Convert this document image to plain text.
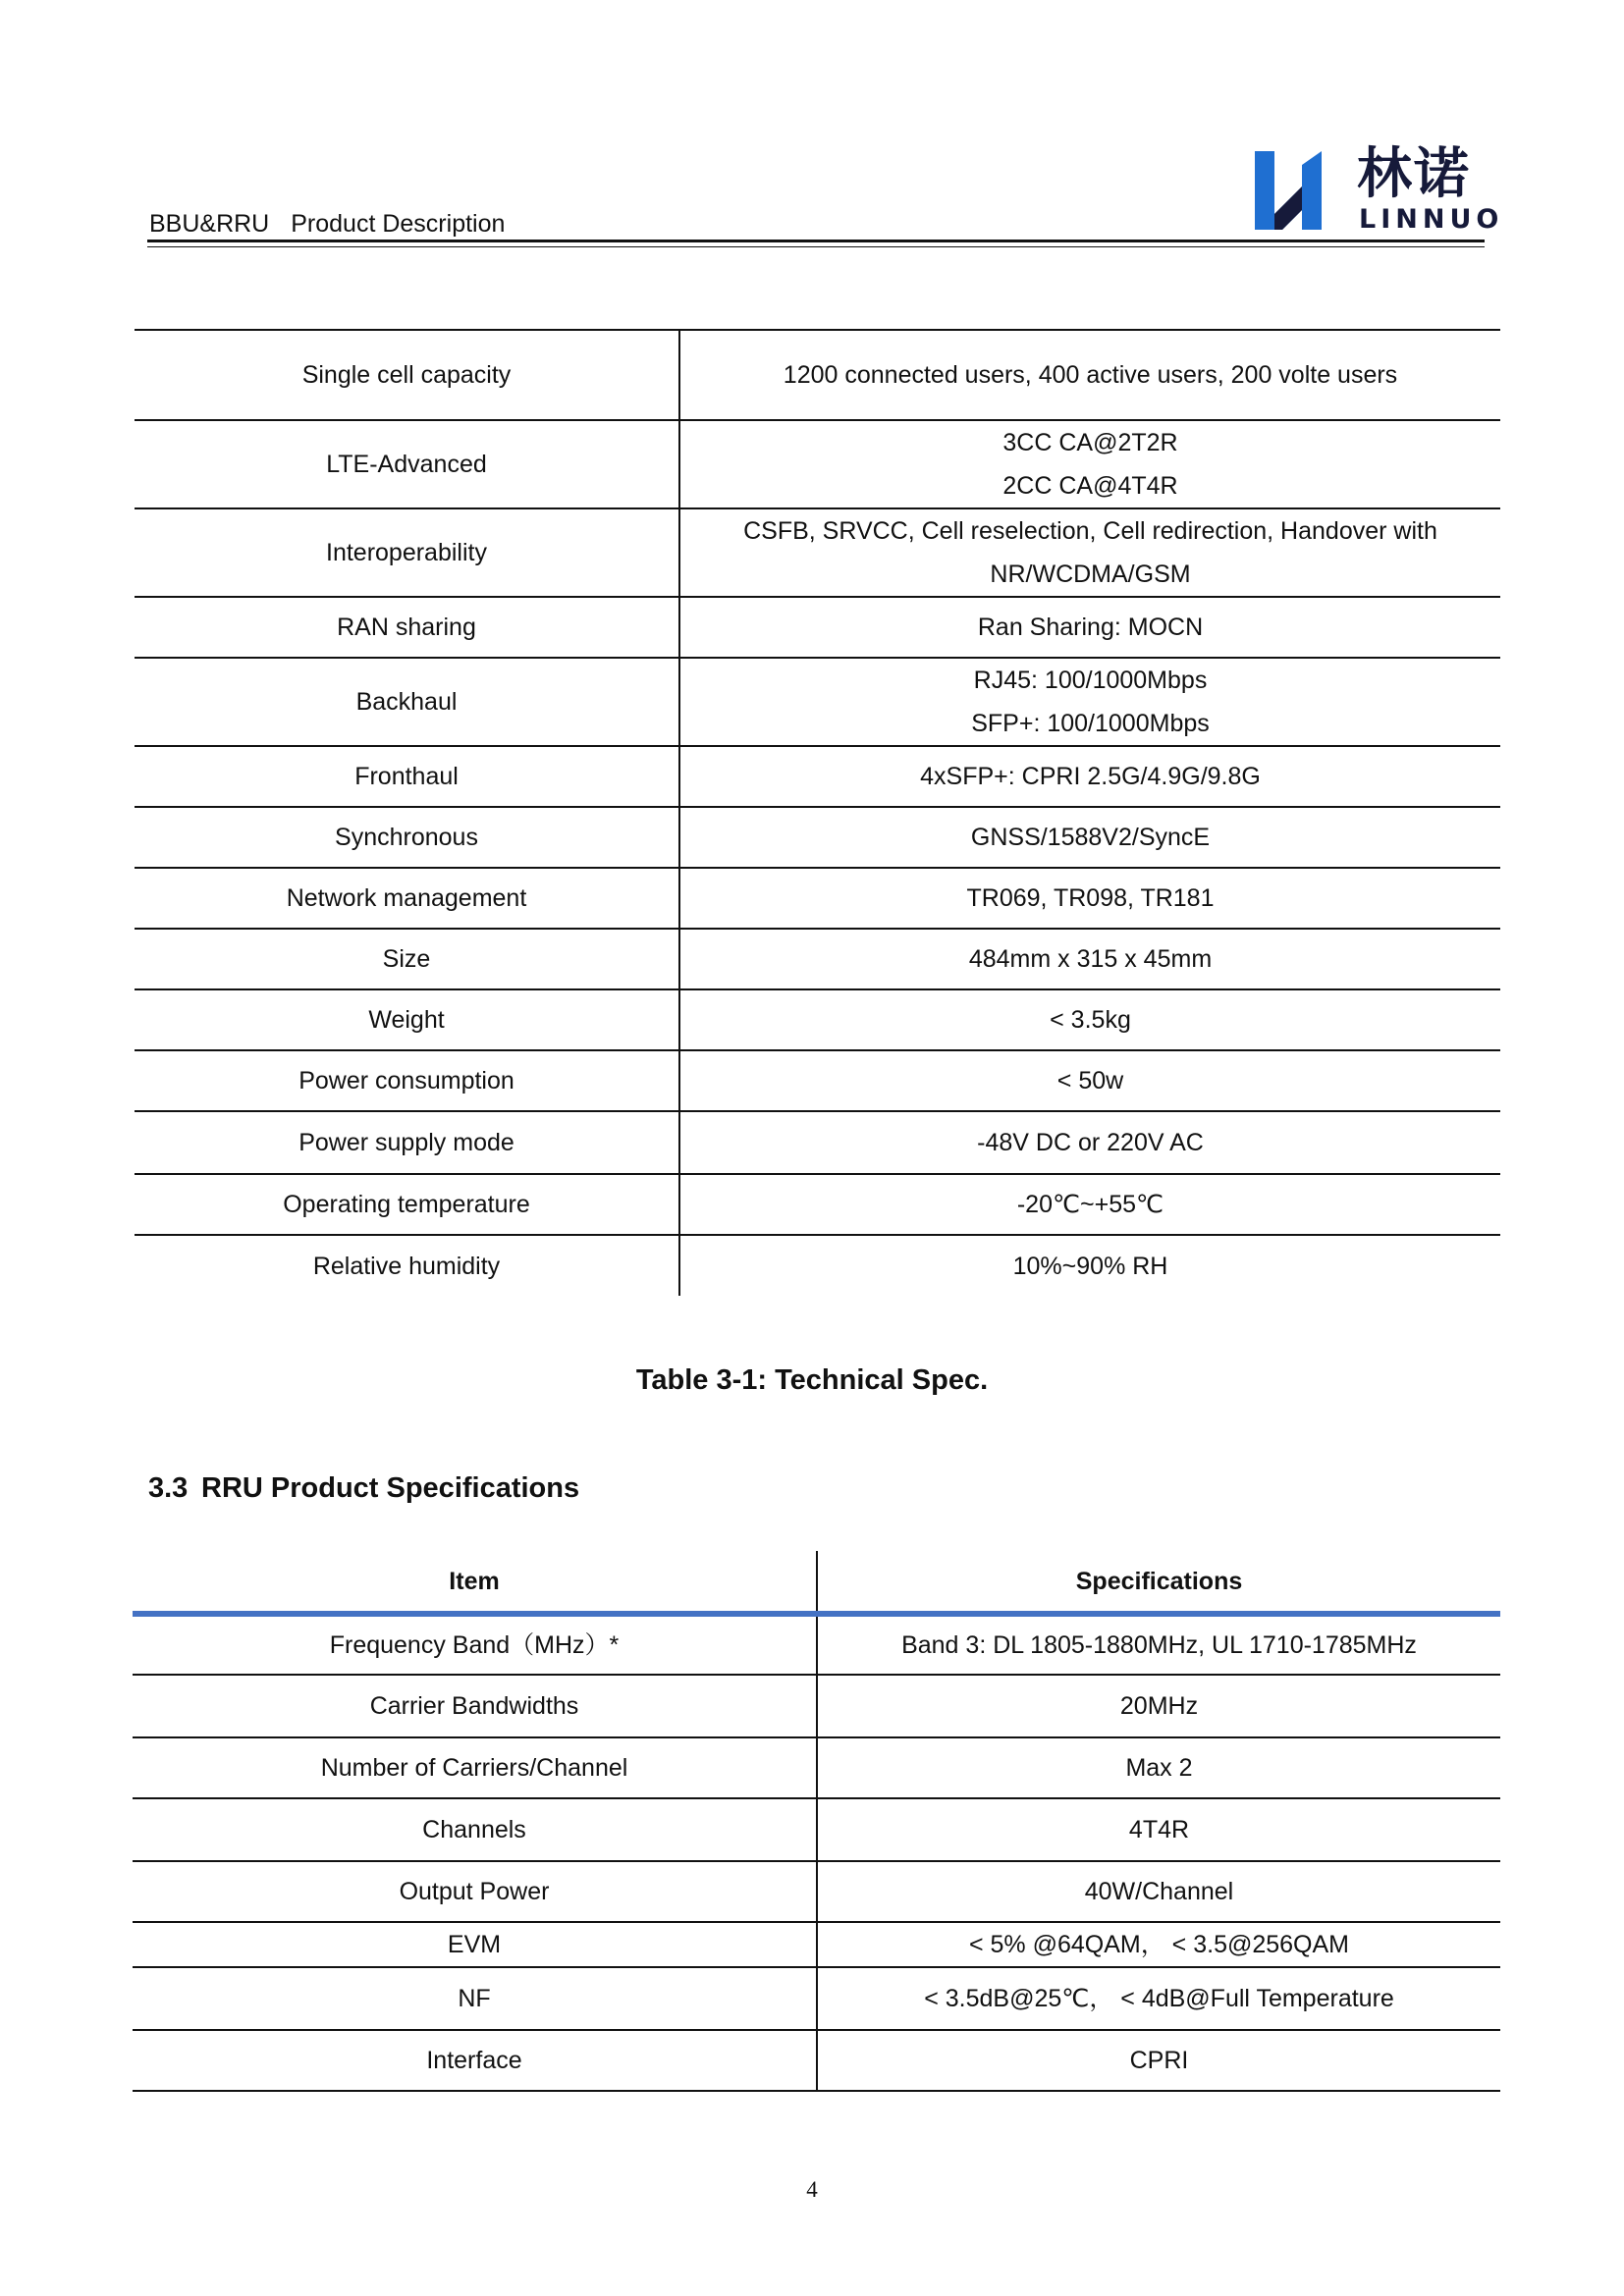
BBU&RRU Product Description
林诺
LINNUO
Single cell capacity	1200 connected users, 400 active users, 200 volte users

LTE-Advanced	3CC CA@2T2R
2CC CA@4T4R

Interoperability	CSFB, SRVCC, Cell reselection, Cell redirection, Handover with
NR/WCDMA/GSM

RAN sharing	Ran Sharing: MOCN

Backhaul	RJ45: 100/1000Mbps
SFP+: 100/1000Mbps

Fronthaul	4xSFP+: CPRI 2.5G/4.9G/9.8G

Synchronous	GNSS/1588V2/SyncE

Network management	TR069, TR098, TR181

Size	484mm x 315 x 45mm

Weight	< 3.5kg

Power consumption	< 50w

Power supply mode	-48V DC or 220V AC

Operating temperature	-20℃~+55℃

Relative humidity	10%~90% RH
Table 3-1: Technical Spec.
3.3 RRU Product Specifications
Item	Specifications
Frequency Band（MHz）*	Band 3: DL 1805-1880MHz, UL 1710-1785MHz
Carrier Bandwidths	20MHz
Number of Carriers/Channel	Max 2
Channels	4T4R
Output Power	40W/Channel
EVM	< 5% @64QAM， < 3.5@256QAM
NF	< 3.5dB@25℃， < 4dB@Full Temperature
Interface	CPRI
4
